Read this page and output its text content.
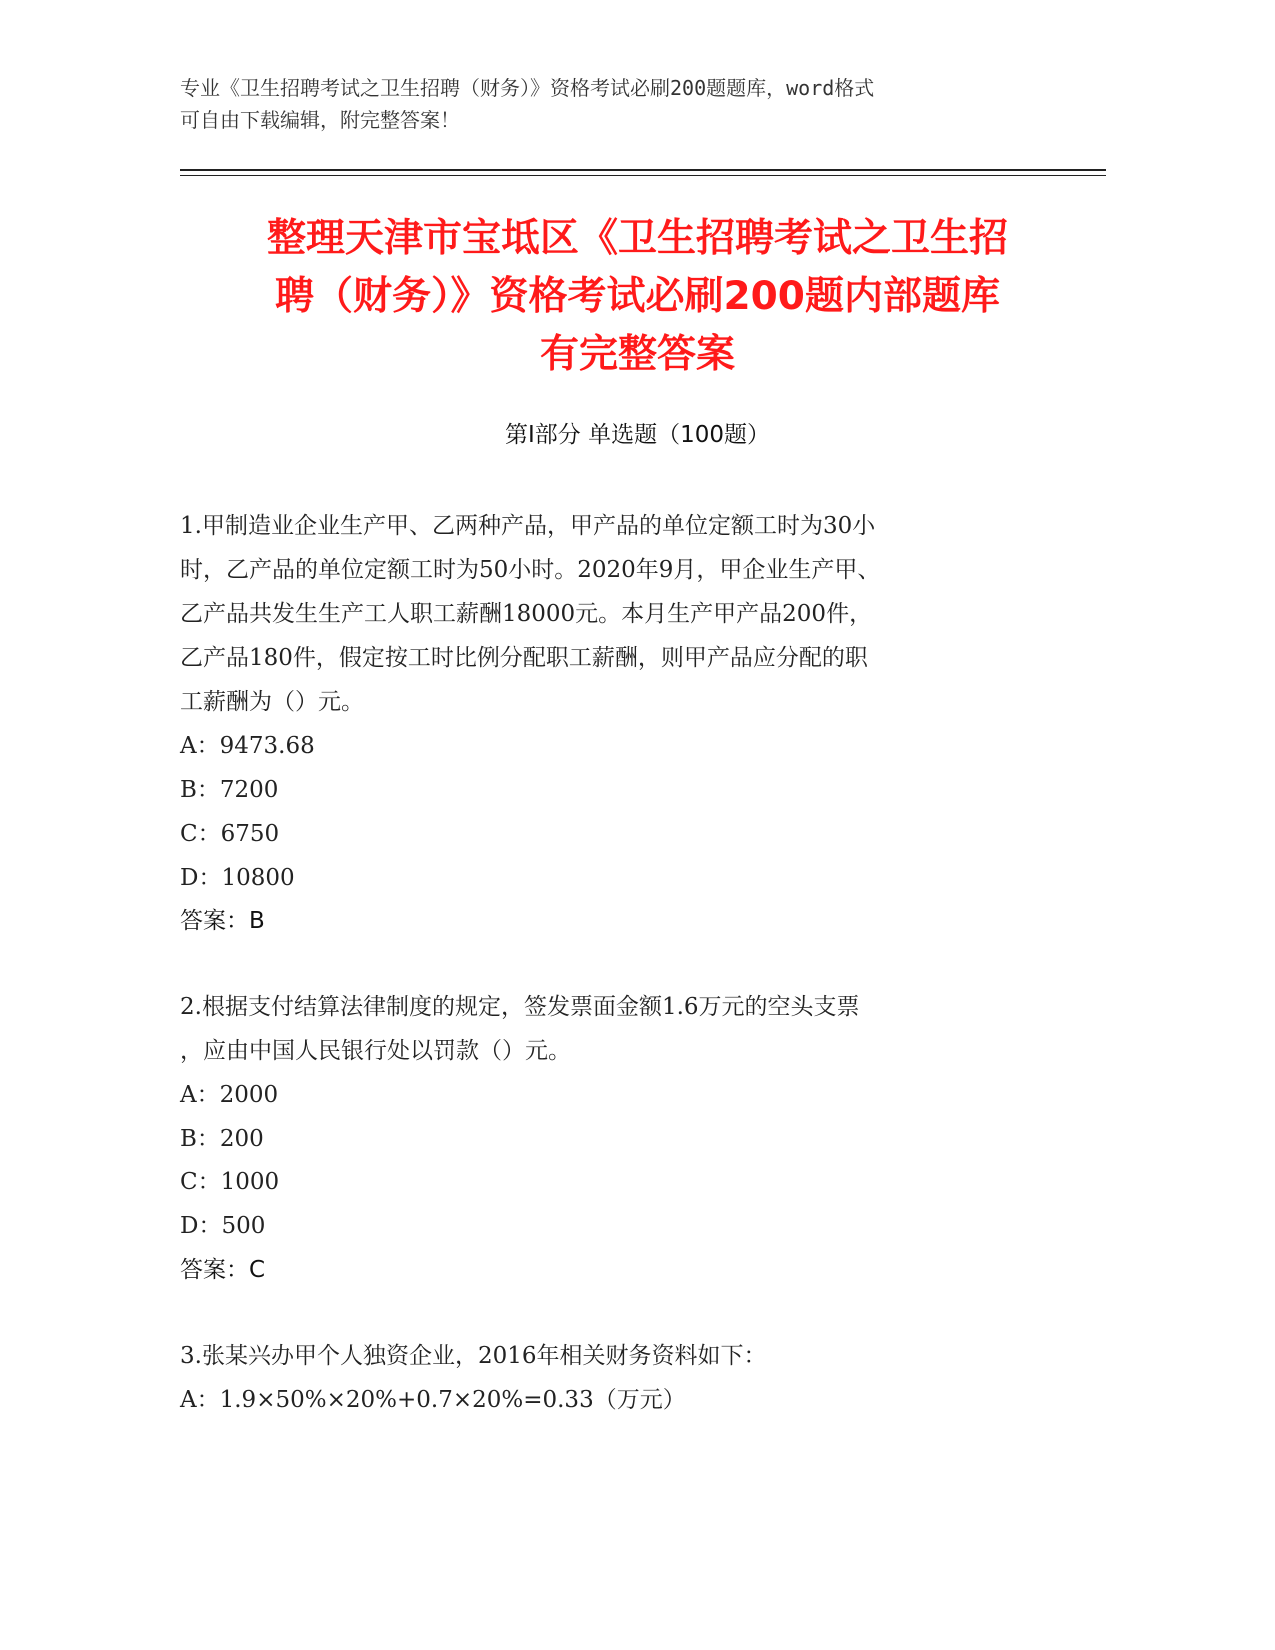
专业《卫生招聘考试之卫生招聘（财务）》资格考试必刷200题题库，word格式
可自由下载编辑，附完整答案！
整理天津市宝坻区《卫生招聘考试之卫生招
聘（财务）》资格考试必刷200题内部题库
有完整答案
第Ⅰ部分 单选题（100题）
1.甲制造业企业生产甲、乙两种产品，甲产品的单位定额工时为30小
时，乙产品的单位定额工时为50小时。2020年9月，甲企业生产甲、
乙产品共发生生产工人职工薪酬18000元。本月生产甲产品200件，
乙产品180件，假定按工时比例分配职工薪酬，则甲产品应分配的职
工薪酬为（）元。
A：9473.68
B：7200
C：6750
D：10800
答案：B
2.根据支付结算法律制度的规定，签发票面金额1.6万元的空头支票
，应由中国人民银行处以罚款（）元。
A：2000
B：200
C：1000
D：500
答案：C
3.张某兴办甲个人独资企业，2016年相关财务资料如下：
A：1.9×50%×20%+0.7×20%=0.33（万元）
